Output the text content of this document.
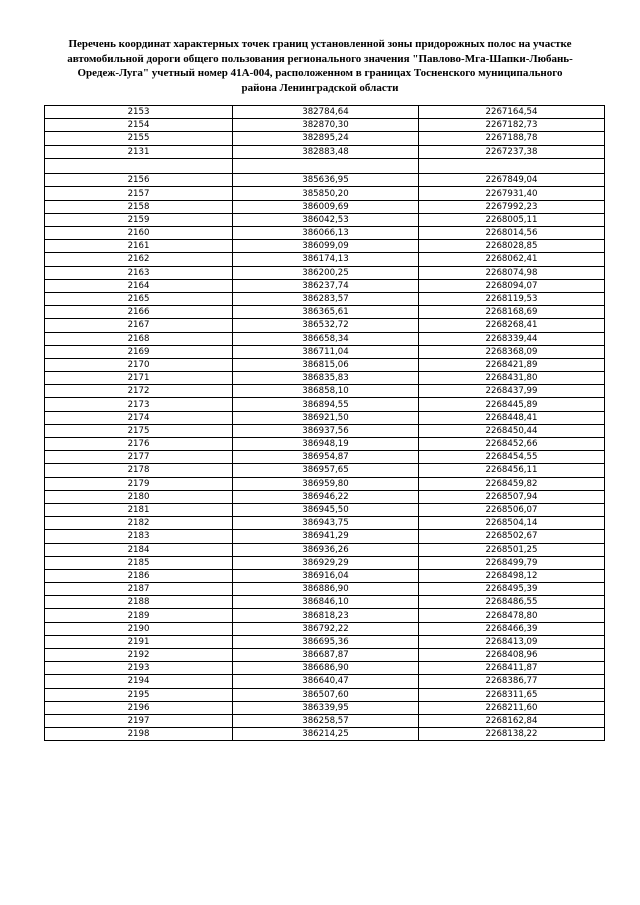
Перечень координат характерных точек границ установленной зоны придорожных полос на участке
автомобильной дороги общего пользования регионального значения "Павлово-Мга-Шапки-Любань-
Оредеж-Луга" учетный номер 41А-004, расположенном в границах Тосненского муниципального
района Ленинградской области
2153	382784,64	2267164,54
2154	382870,30	2267182,73
2155	382895,24	2267188,78
2131	382883,48	2267237,38

2156	385636,95	2267849,04
2157	385850,20	2267931,40
2158	386009,69	2267992,23
2159	386042,53	2268005,11
2160	386066,13	2268014,56
2161	386099,09	2268028,85
2162	386174,13	2268062,41
2163	386200,25	2268074,98
2164	386237,74	2268094,07
2165	386283,57	2268119,53
2166	386365,61	2268168,69
2167	386532,72	2268268,41
2168	386658,34	2268339,44
2169	386711,04	2268368,09
2170	386815,06	2268421,89
2171	386835,83	2268431,80
2172	386858,10	2268437,99
2173	386894,55	2268445,89
2174	386921,50	2268448,41
2175	386937,56	2268450,44
2176	386948,19	2268452,66
2177	386954,87	2268454,55
2178	386957,65	2268456,11
2179	386959,80	2268459,82
2180	386946,22	2268507,94
2181	386945,50	2268506,07
2182	386943,75	2268504,14
2183	386941,29	2268502,67
2184	386936,26	2268501,25
2185	386929,29	2268499,79
2186	386916,04	2268498,12
2187	386886,90	2268495,39
2188	386846,10	2268486,55
2189	386818,23	2268478,80
2190	386792,22	2268466,39
2191	386695,36	2268413,09
2192	386687,87	2268408,96
2193	386686,90	2268411,87
2194	386640,47	2268386,77
2195	386507,60	2268311,65
2196	386339,95	2268211,60
2197	386258,57	2268162,84
2198	386214,25	2268138,22
